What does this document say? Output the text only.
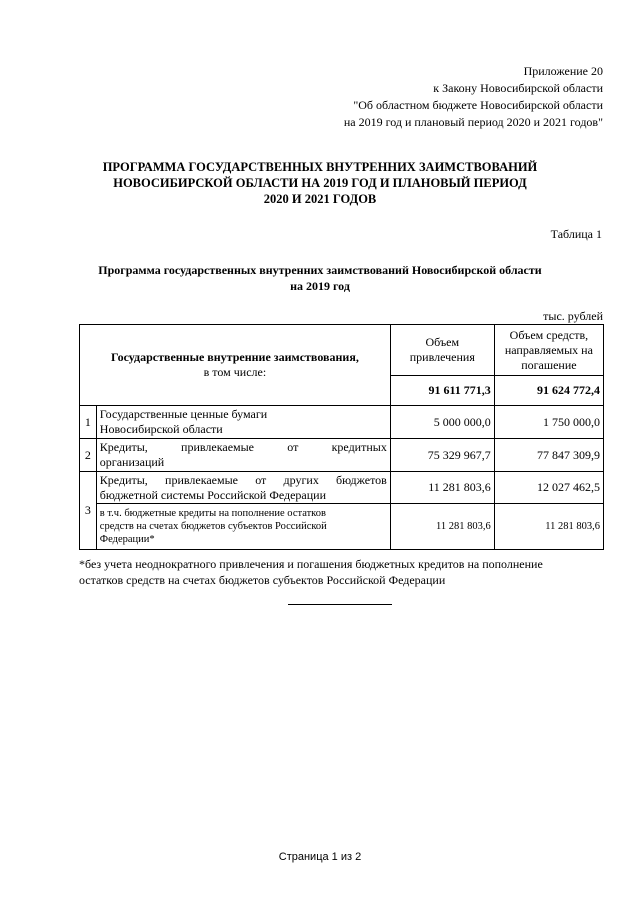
Приложение 20
к Закону Новосибирской области
"Об областном бюджете Новосибирской области
на 2019 год и плановый период 2020 и 2021 годов"
ПРОГРАММА ГОСУДАРСТВЕННЫХ ВНУТРЕННИХ ЗАИМСТВОВАНИЙ
НОВОСИБИРСКОЙ ОБЛАСТИ НА 2019 ГОД И ПЛАНОВЫЙ ПЕРИОД
2020 И 2021 ГОДОВ
Таблица 1
Программа государственных внутренних заимствований Новосибирской области
на 2019 год
тыс. рублей
Государственные внутренние заимствования,
в том числе:		Объем привлечения	Объем средств, направляемых на погашение
		91 611 771,3	91 624 772,4
1	Государственные ценные бумаги
Новосибирской области	5 000 000,0	1 750 000,0
2	Кредиты, привлекаемые от кредитных
организаций	75 329 967,7	77 847 309,9
3	Кредиты, привлекаемые от других бюджетов
бюджетной системы Российской Федерации	11 281 803,6	12 027 462,5

	в т.ч. бюджетные кредиты на пополнение остатков
средств на счетах бюджетов субъектов Российской
Федерации*	11 281 803,6	11 281 803,6
*без учета неоднократного привлечения и погашения бюджетных кредитов на пополнение
остатков средств на счетах бюджетов субъектов Российской Федерации
Страница 1 из 2
